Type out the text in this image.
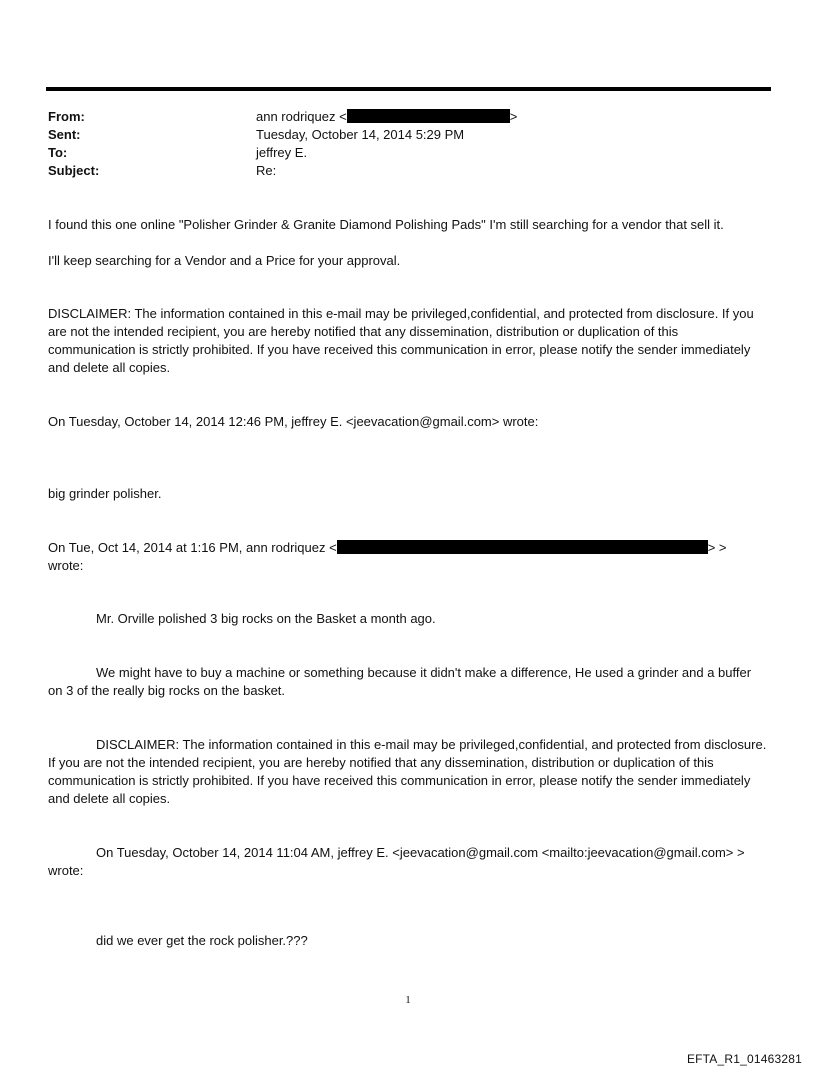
From:	ann rodriquez <	>
Sent:	Tuesday, October 14, 2014 5:29 PM
To:	jeffrey E.
Subject:	Re:
I found this one online "Polisher Grinder & Granite Diamond Polishing Pads" I'm still searching for a vendor that sell it.
I'll keep searching for a Vendor and a Price for your approval.
DISCLAIMER: The information contained in this e-mail may be privileged,confidential, and protected from disclosure. If you are not the intended recipient, you are hereby notified that any dissemination, distribution or duplication of this communication is strictly prohibited. If you have received this communication in error, please notify the sender immediately and delete all copies.
On Tuesday, October 14, 2014 12:46 PM, jeffrey E. <jeevacation@gmail.com> wrote:
big grinder polisher.
On Tue, Oct 14, 2014 at 1:16 PM, ann rodriquez <	> >
wrote:
Mr. Orville polished 3 big rocks on the Basket a month ago.
We might have to buy a machine or something because it didn't make a difference, He used a grinder and a buffer on 3 of the really big rocks on the basket.
DISCLAIMER: The information contained in this e-mail may be privileged,confidential, and protected from disclosure. If you are not the intended recipient, you are hereby notified that any dissemination, distribution or duplication of this communication is strictly prohibited. If you have received this communication in error, please notify the sender immediately and delete all copies.
On Tuesday, October 14, 2014 11:04 AM, jeffrey E. <jeevacation@gmail.com <mailto:jeevacation@gmail.com> > wrote:
did we ever get the rock polisher.???
1
EFTA_R1_01463281
